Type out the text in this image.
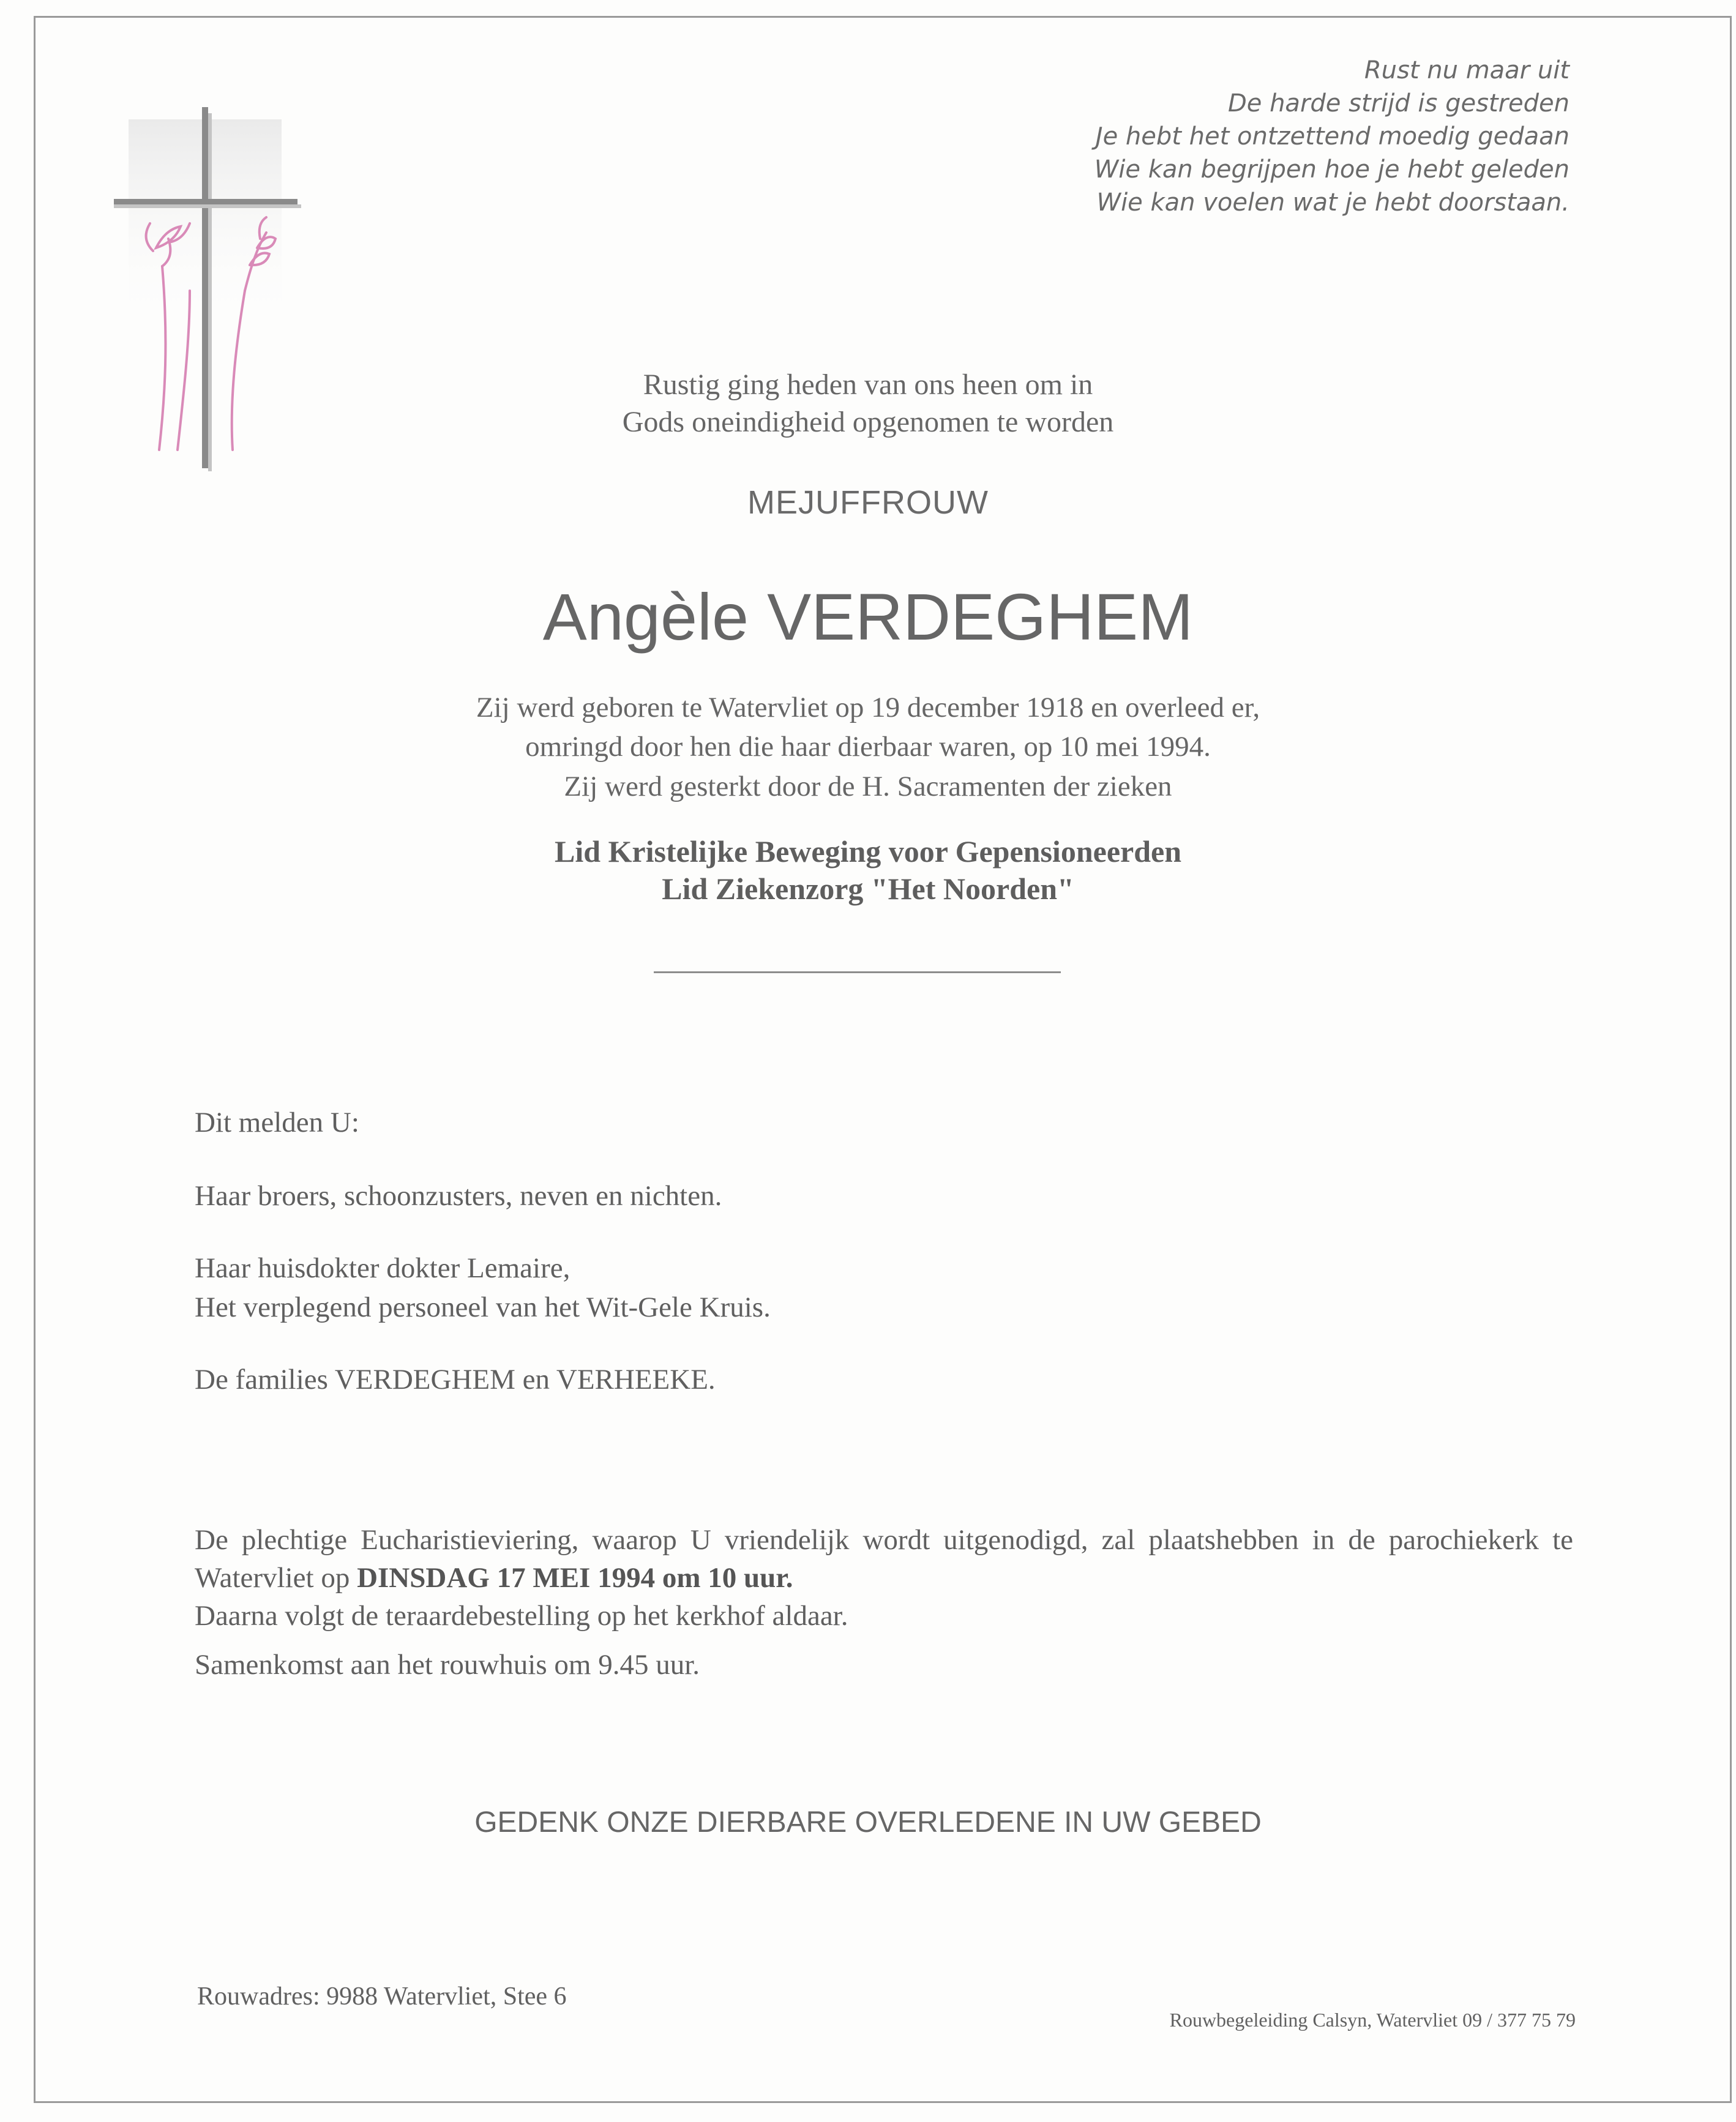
Rust nu maar uit
De harde strijd is gestreden
Je hebt het ontzettend moedig gedaan
Wie kan begrijpen hoe je hebt geleden
Wie kan voelen wat je hebt doorstaan.
Rustig ging heden van ons heen om in
Gods oneindigheid opgenomen te worden
MEJUFFROUW
Angèle VERDEGHEM
Zij werd geboren te Watervliet op 19 december 1918 en overleed er,
omringd door hen die haar dierbaar waren, op 10 mei 1994.
Zij werd gesterkt door de H. Sacramenten der zieken
Lid Kristelijke Beweging voor Gepensioneerden
Lid Ziekenzorg "Het Noorden"
Dit melden U:
Haar broers, schoonzusters, neven en nichten.
Haar huisdokter dokter Lemaire,
Het verplegend personeel van het Wit-Gele Kruis.
De families VERDEGHEM en VERHEEKE.
De plechtige Eucharistieviering, waarop U vriendelijk wordt uitgenodigd, zal plaatshebben in de parochiekerk te Watervliet op DINSDAG 17 MEI 1994 om 10 uur.
Daarna volgt de teraardebestelling op het kerkhof aldaar.
Samenkomst aan het rouwhuis om 9.45 uur.
GEDENK ONZE DIERBARE OVERLEDENE IN UW GEBED
Rouwadres: 9988 Watervliet, Stee 6
Rouwbegeleiding Calsyn, Watervliet 09 / 377 75 79
